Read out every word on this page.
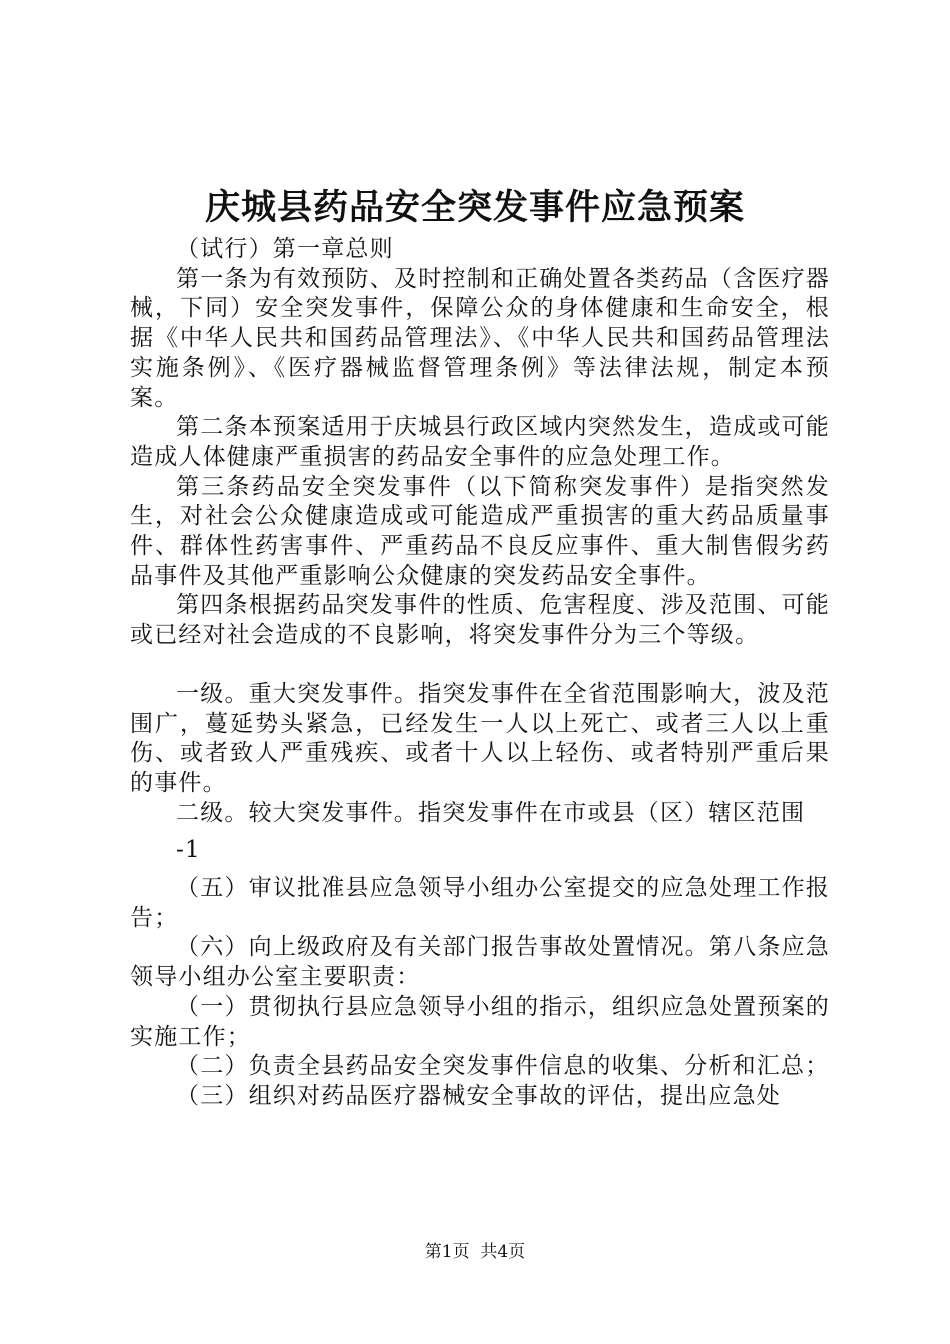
庆城县药品安全突发事件应急预案

（试行）第一章总则

第一条为有效预防、及时控制和正确处置各类药品（含医疗器械，下同）安全突发事件，保障公众的身体健康和生命安全，根据《中华人民共和国药品管理法》、《中华人民共和国药品管理法实施条例》、《医疗器械监督管理条例》等法律法规，制定本预案。

第二条本预案适用于庆城县行政区域内突然发生，造成或可能造成人体健康严重损害的药品安全事件的应急处理工作。

第三条药品安全突发事件（以下简称突发事件）是指突然发生，对社会公众健康造成或可能造成严重损害的重大药品质量事件、群体性药害事件、严重药品不良反应事件、重大制售假劣药品事件及其他严重影响公众健康的突发药品安全事件。

第四条根据药品突发事件的性质、危害程度、涉及范围、可能或已经对社会造成的不良影响，将突发事件分为三个等级。

一级。重大突发事件。指突发事件在全省范围影响大，波及范围广，蔓延势头紧急，已经发生一人以上死亡、或者三人以上重伤、或者致人严重残疾、或者十人以上轻伤、或者特别严重后果的事件。

二级。较大突发事件。指突发事件在市或县（区）辖区范围

-1

（五）审议批准县应急领导小组办公室提交的应急处理工作报告；

（六）向上级政府及有关部门报告事故处置情况。第八条应急领导小组办公室主要职责：

（一）贯彻执行县应急领导小组的指示，组织应急处置预案的实施工作；

（二）负责全县药品安全突发事件信息的收集、分析和汇总；

（三）组织对药品医疗器械安全事故的评估，提出应急处

第1页 共4页
